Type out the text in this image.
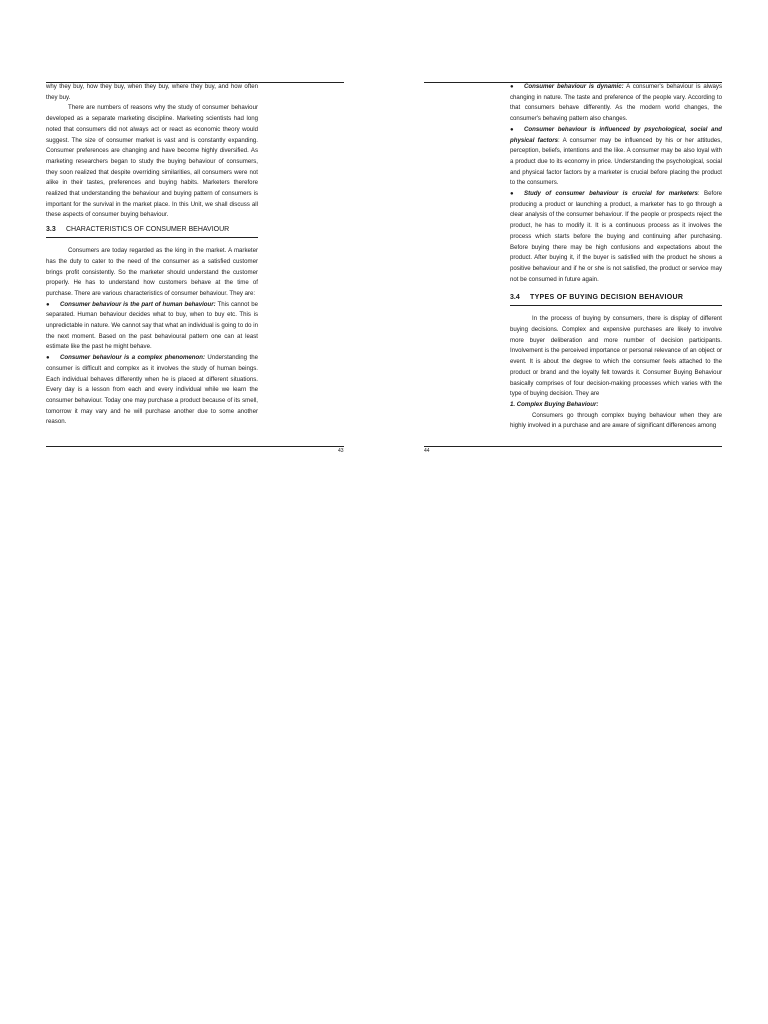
43	44

why they buy, how they buy, when they buy, where they buy, and how often they buy.

There are numbers of reasons why the study of consumer behaviour developed as a separate marketing discipline. Marketing scientists had long noted that consumers did not always act or react as economic theory would suggest. The size of consumer market is vast and is constantly expanding. Consumer preferences are changing and have become highly diversified. As marketing researchers began to study the buying behaviour of consumers, they soon realized that despite overriding similarities, all consumers were not alike in their tastes, preferences and buying habits. Marketers therefore realized that understanding the behaviour and buying pattern of consumers is important for the survival in the market place. In this Unit, we shall discuss all these aspects of consumer buying behaviour.

3.3 CHARACTERISTICS OF CONSUMER BEHAVIOUR

Consumers are today regarded as the king in the market. A marketer has the duty to cater to the need of the consumer as a satisfied customer brings profit consistently. So the marketer should understand the customer properly. He has to understand how customers behave at the time of purchase. There are various characteristics of consumer behaviour. They are:

● Consumer behaviour is the part of human behaviour: This cannot be separated. Human behaviour decides what to buy, when to buy etc. This is unpredictable in nature. We cannot say that what an individual is going to do in the next moment. Based on the past behavioural pattern one can at least estimate like the past he might behave.

● Consumer behaviour is a complex phenomenon: Understanding the consumer is difficult and complex as it involves the study of human beings. Each individual behaves differently when he is placed at different situations. Every day is a lesson from each and every individual while we learn the consumer behaviour. Today one may purchase a product because of its smell, tomorrow it may vary and he will purchase another due to some another reason.

● Consumer behaviour is dynamic: A consumer's behaviour is always changing in nature. The taste and preference of the people vary. According to that consumers behave differently. As the modern world changes, the consumer's behaving pattern also changes.

● Consumer behaviour is influenced by psychological, social and physical factors: A consumer may be influenced by his or her attitudes, perception, beliefs, intentions and the like. A consumer may be also loyal with a product due to its economy in price. Understanding the psychological, social and physical factor factors by a marketer is crucial before placing the product to the consumers.

● Study of consumer behaviour is crucial for marketers: Before producing a product or launching a product, a marketer has to go through a clear analysis of the consumer behaviour. If the people or prospects reject the product, he has to modify it. It is a continuous process as it involves the process which starts before the buying and continuing after purchasing. Before buying there may be high confusions and expectations about the product. After buying it, if the buyer is satisfied with the product he shows a positive behaviour and if he or she is not satisfied, the product or service may not be consumed in future again.

3.4 TYPES OF BUYING DECISION BEHAVIOUR

In the process of buying by consumers, there is display of different buying decisions. Complex and expensive purchases are likely to involve more buyer deliberation and more number of decision participants. Involvement is the perceived importance or personal relevance of an object or event. It is about the degree to which the consumer feels attached to the product or brand and the loyalty felt towards it. Consumer Buying Behaviour basically comprises of four decision-making processes which varies with the type of buying decision. They are

1. Complex Buying Behaviour:

Consumers go through complex buying behaviour when they are highly involved in a purchase and are aware of significant differences among
